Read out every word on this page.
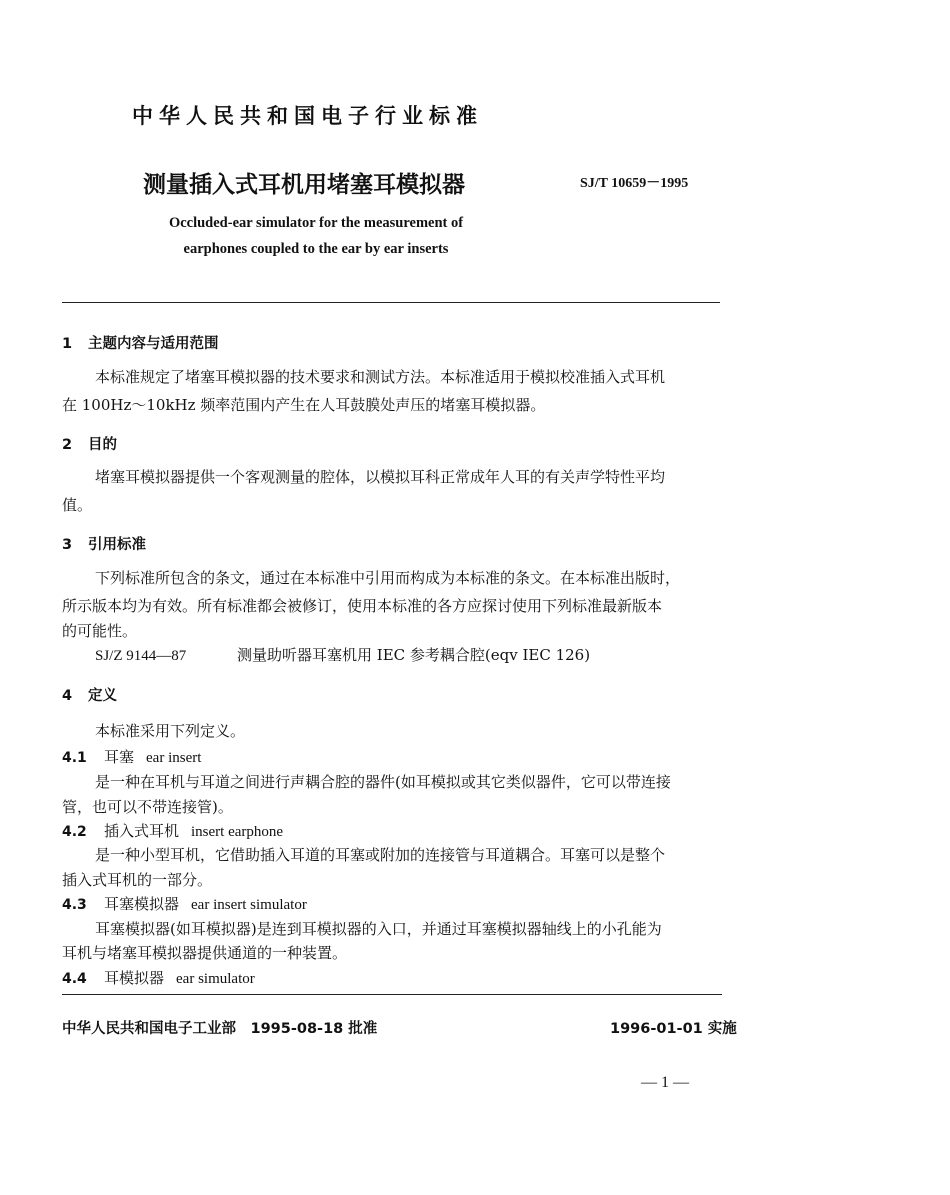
中华人民共和国电子行业标准
测量插入式耳机用堵塞耳模拟器	SJ/T 10659－1995
Occluded-ear simulator for the measurement of
earphones coupled to the ear by ear inserts
1 主题内容与适用范围
本标准规定了堵塞耳模拟器的技术要求和测试方法。本标准适用于模拟校准插入式耳机
在 100Hz～10kHz 频率范围内产生在人耳鼓膜处声压的堵塞耳模拟器。
2 目的
堵塞耳模拟器提供一个客观测量的腔体，以模拟耳科正常成年人耳的有关声学特性平均
值。
3 引用标准
下列标准所包含的条文，通过在本标准中引用而构成为本标准的条文。在本标准出版时，
所示版本均为有效。所有标准都会被修订，使用本标准的各方应探讨使用下列标准最新版本
的可能性。
SJ/Z 9144—87	测量助听器耳塞机用 IEC 参考耦合腔(eqv IEC 126)
4 定义
本标准采用下列定义。
4.1 耳塞 ear insert
是一种在耳机与耳道之间进行声耦合腔的器件(如耳模拟或其它类似器件，它可以带连接
管，也可以不带连接管)。
4.2 插入式耳机 insert earphone
是一种小型耳机，它借助插入耳道的耳塞或附加的连接管与耳道耦合。耳塞可以是整个
插入式耳机的一部分。
4.3 耳塞模拟器 ear insert simulator
耳塞模拟器(如耳模拟器)是连到耳模拟器的入口，并通过耳塞模拟器轴线上的小孔能为
耳机与堵塞耳模拟器提供通道的一种装置。
4.4 耳模拟器 ear simulator
中华人民共和国电子工业部　1995-08-18 批准	1996-01-01 实施
— 1 —
